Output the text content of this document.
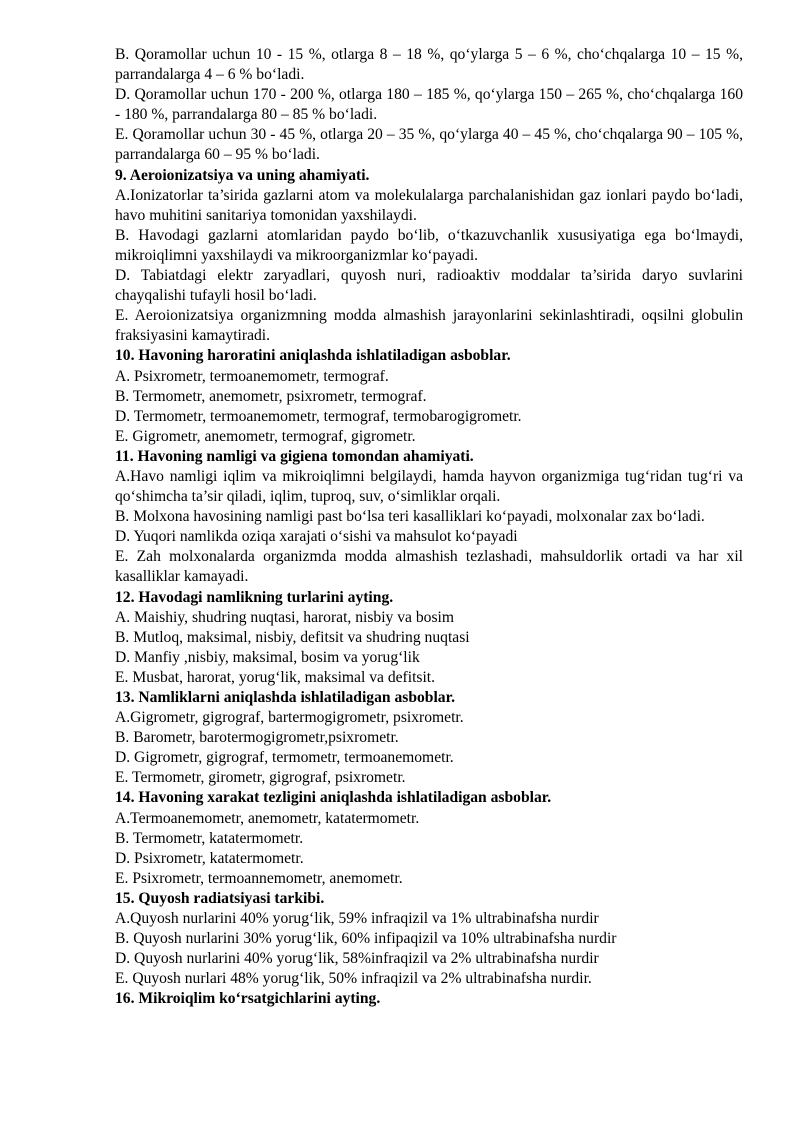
B. Qoramollar uchun 10 - 15 %, otlarga 8 – 18 %, qo‘ylarga 5 – 6 %, cho‘chqalarga 10 – 15 %, parrandalarga 4 – 6 % bo‘ladi.

D. Qoramollar uchun 170 - 200 %, otlarga 180 – 185 %, qo‘ylarga 150 – 265 %, cho‘chqalarga 160 - 180 %, parrandalarga 80 – 85 % bo‘ladi.

E. Qoramollar uchun 30 - 45 %, otlarga 20 – 35 %, qo‘ylarga 40 – 45 %, cho‘chqalarga 90 – 105 %, parrandalarga 60 – 95 % bo‘ladi.

9. Aeroionizatsiya va uning ahamiyati.

A.Ionizatorlar ta’sirida gazlarni atom va molekulalarga parchalanishidan gaz ionlari paydo bo‘ladi, havo muhitini sanitariya tomonidan yaxshilaydi.

B. Havodagi gazlarni atomlaridan paydo bo‘lib, o‘tkazuvchanlik xususiyatiga ega bo‘lmaydi, mikroiqlimni yaxshilaydi va mikroorganizmlar ko‘payadi.

D. Tabiatdagi elektr zaryadlari, quyosh nuri, radioaktiv moddalar ta’sirida daryo suvlarini chayqalishi tufayli hosil bo‘ladi.

E. Aeroionizatsiya organizmning modda almashish jarayonlarini sekinlashtiradi, oqsilni globulin fraksiyasini kamaytiradi.

10. Havoning haroratini aniqlashda ishlatiladigan asboblar.

A. Psixrometr, termoanemometr, termograf.

B. Termometr, anemometr, psixrometr, termograf.

D. Termometr, termoanemometr, termograf, termobarogigrometr.

E. Gigrometr, anemometr, termograf, gigrometr.

11. Havoning namligi va gigiena tomondan ahamiyati.

A.Havo namligi iqlim va mikroiqlimni belgilaydi, hamda hayvon organizmiga tug‘ridan tug‘ri va qo‘shimcha ta’sir qiladi, iqlim, tuproq, suv, o‘simliklar orqali.

B. Molxona havosining namligi past bo‘lsa teri kasalliklari ko‘payadi, molxonalar zax bo‘ladi.

D. Yuqori namlikda oziqa xarajati o‘sishi va mahsulot ko‘payadi

E. Zah molxonalarda organizmda modda almashish tezlashadi, mahsuldorlik ortadi va har xil kasalliklar kamayadi.

12. Havodagi namlikning turlarini ayting.

A. Maishiy, shudring nuqtasi, harorat, nisbiy va bosim

B. Mutloq, maksimal, nisbiy, defitsit va shudring nuqtasi

D. Manfiy ,nisbiy, maksimal, bosim va yorug‘lik

E. Musbat, harorat, yorug‘lik, maksimal va defitsit.

13. Namliklarni aniqlashda ishlatiladigan asboblar.

A.Gigrometr, gigrograf, bartermogigrometr, psixrometr.

B. Barometr, barotermogigrometr,psixrometr.

D. Gigrometr, gigrograf, termometr, termoanemometr.

E. Termometr, girometr, gigrograf, psixrometr.

14. Havoning xarakat tezligini aniqlashda ishlatiladigan asboblar.

A.Termoanemometr, anemometr, katatermometr.

B. Termometr, katatermometr.

D. Psixrometr, katatermometr.

E. Psixrometr, termoannemometr, anemometr.

15. Quyosh radiatsiyasi tarkibi.

A.Quyosh nurlarini 40% yorug‘lik, 59% infraqizil va 1% ultrabinafsha nurdir

B. Quyosh nurlarini 30% yorug‘lik, 60% infipaqizil va 10% ultrabinafsha nurdir

D. Quyosh nurlarini 40% yorug‘lik, 58%infraqizil va 2% ultrabinafsha nurdir

E. Quyosh nurlari 48% yorug‘lik, 50% infraqizil va 2% ultrabinafsha nurdir.

16. Mikroiqlim ko‘rsatgichlarini ayting.
